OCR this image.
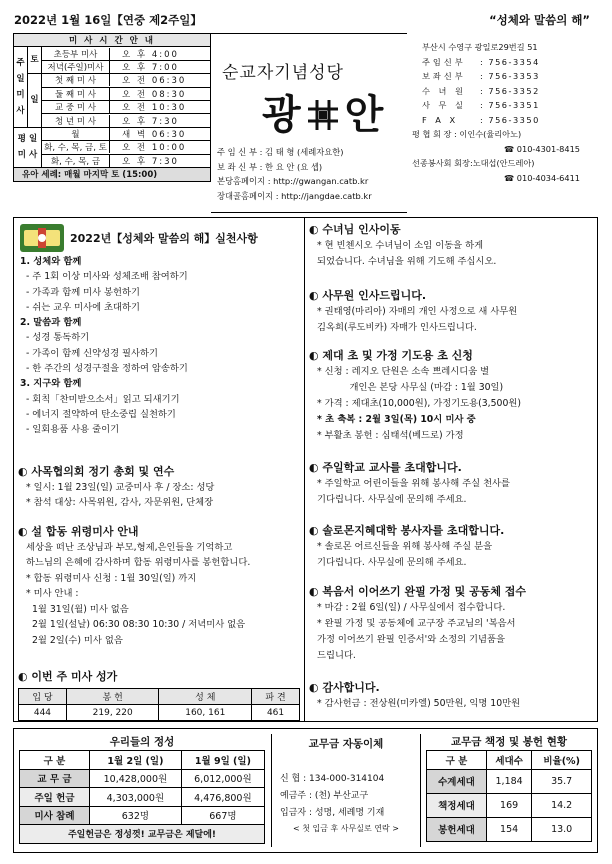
2022년 1월 16일【연중 제2주일】	“성체와 말씀의 해”
미 사 시 간 안 내		
주
일
미
사	토	초등부 미사 오 후 4:00

		저녁(주일)미사 오 후 7:00

	일	첫 째 미 사 오 전 06:30

		둘 째 미 사 오 전 08:30

		교 중 미 사 오 전 10:30

		청 년 미 사 오 후 7:30

평 일
미 사		월 새 벽 06:30

		화, 수, 목, 금, 토 오 전 10:00

		화, 수, 목, 금 오 후 7:30

유아 세례: 매월 마지막 토 (15:00)		
순교자기념성당
광 안
주 임 신 부 : 김 태 형 (세례자요한)
보 좌 신 부 : 한 요 안 (요 셉)
본당홈페이지 : http://gwangan.catb.kr
장대골홈페이지 : http://jangdae.catb.kr
부산시 수영구 광일로29번길 51
주임신부	: 756-3354
보좌신부	: 756-3353
수 녀 원	: 756-3352
사 무 실	: 756-3351
F A X	: 756-3350
평 협 회 장 : 이인수(율리아노)
☎ 010-4301-8415
선종봉사회 회장:노대섭(안드레아)
☎ 010-4034-6411
2022년【성체와 말씀의 해】실천사항
1. 성체와 함께
- 주 1회 이상 미사와 성체조배 참여하기
- 가족과 함께 미사 봉헌하기
- 쉬는 교우 미사에 초대하기
2. 말씀과 함께
- 성경 통독하기
- 가족이 함께 신약성경 필사하기
- 한 주간의 성경구절을 정하여 암송하기
3. 지구와 함께
- 회칙「찬미받으소서」읽고 되새기기
- 에너지 절약하여 탄소중립 실천하기
- 일회용품 사용 줄이기
◐ 사목협의회 정기 총회 및 연수
* 일시: 1월 23일(일) 교중미사 후 / 장소: 성당
* 참석 대상: 사목위원, 감사, 자문위원, 단체장
◐ 설 합동 위령미사 안내
세상을 떠난 조상님과 부모,형제,은인들을 기억하고
하느님의 은혜에 감사하며 합동 위령미사를 봉헌합니다.
* 합동 위령미사 신청 : 1월 30일(일) 까지
* 미사 안내 :
1월 31일(월) 미사 없음
2월 1일(설날) 06:30 08:30 10:30 / 저녁미사 없음
2월 2일(수) 미사 없음
◐ 이번 주 미사 성가
입 당	봉 헌	성 체	파 견
444	219, 220	160, 161	461
◐ 수녀님 인사이동
* 현 빈첸시오 수녀님이 소임 이동을 하게
되었습니다. 수녀님을 위해 기도해 주십시오.
◐ 사무원 인사드립니다.
* 권태영(마리아) 자매의 개인 사정으로 새 사무원
김옥희(루도비카) 자매가 인사드립니다.
◐ 제대 초 및 가정 기도용 초 신청
* 신청 : 레지오 단원은 소속 쁘레시디움 별
개인은 본당 사무실 (마감 : 1월 30일)
* 가격 : 제대초(10,000원), 가정기도용(3,500원)
* 초 축복 : 2월 3일(목) 10시 미사 중
* 부활초 봉헌 : 심태석(베드로) 가정
◐ 주일학교 교사를 초대합니다.
* 주일학교 어린이들을 위해 봉사해 주실 천사를
기다립니다. 사무실에 문의해 주세요.
◐ 솔로몬지혜대학 봉사자를 초대합니다.
* 솔로몬 어르신들을 위해 봉사해 주실 분을
기다립니다. 사무실에 문의해 주세요.
◐ 복음서 이어쓰기 완필 가정 및 공동체 접수
* 마감 : 2월 6일(일) / 사무실에서 접수합니다.
* 완필 가정 및 공동체에 교구장 주교님의 '복음서
가정 이어쓰기 완필 인증서'와 소정의 기념품을
드립니다.
◐ 감사합니다.
* 감사헌금 : 전상원(미카엘) 50만원, 익명 10만원
우리들의 정성
구 분	1월 2일 (일)	1월 9일 (일)
교 무 금	10,428,000원	6,012,000원
주일 헌금	4,303,000원	4,476,800원
미사 참례	632명	667명
주일헌금은 정성껏! 교무금은 제달에!		
교무금 자동이체
신 협 : 134-000-314104
예금주 : (천) 부산교구
입금자 : 성명, 세례명 기재
< 첫 입금 후 사무실로 연락 >
교무금 책정 및 봉헌 현황
구 분	세대수	비율(%)
수계세대	1,184	35.7
책정세대	169	14.2
봉헌세대	154	13.0
